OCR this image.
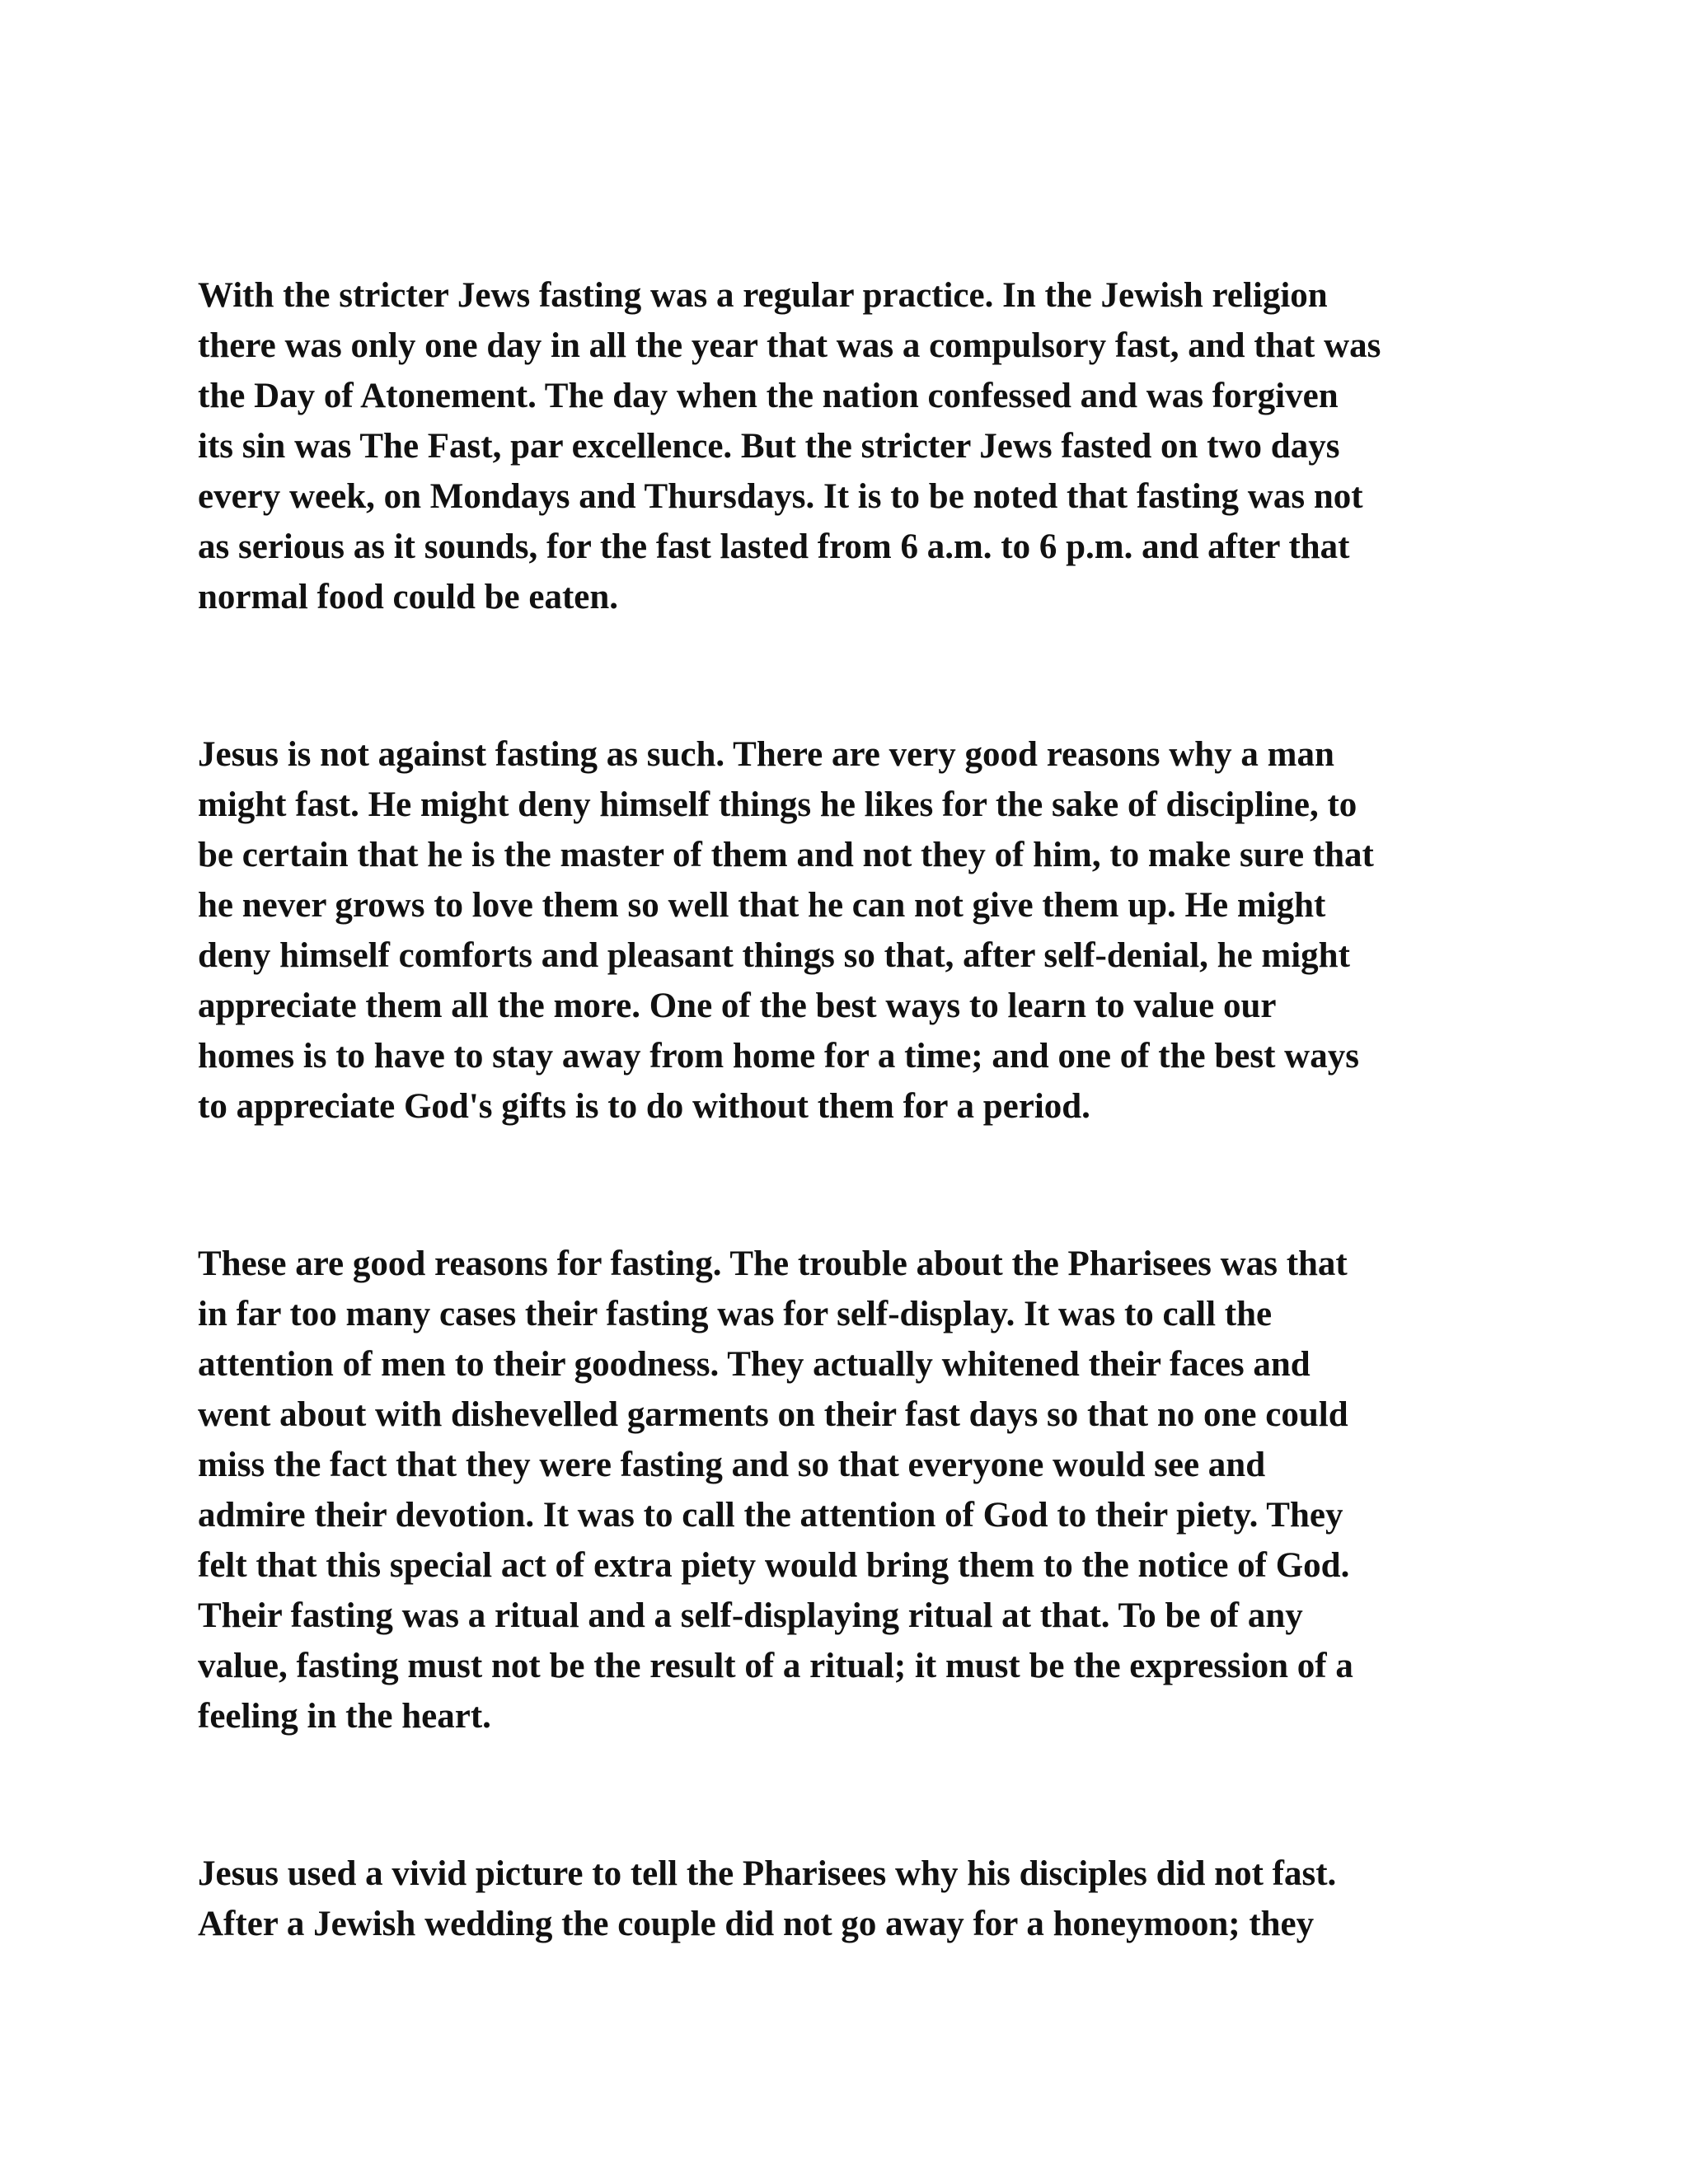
With the stricter Jews fasting was a regular practice. In the Jewish religion
there was only one day in all the year that was a compulsory fast, and that was
the Day of Atonement. The day when the nation confessed and was forgiven
its sin was The Fast, par excellence. But the stricter Jews fasted on two days
every week, on Mondays and Thursdays. It is to be noted that fasting was not
as serious as it sounds, for the fast lasted from 6 a.m. to 6 p.m. and after that
normal food could be eaten.

Jesus is not against fasting as such. There are very good reasons why a man
might fast. He might deny himself things he likes for the sake of discipline, to
be certain that he is the master of them and not they of him, to make sure that
he never grows to love them so well that he can not give them up. He might
deny himself comforts and pleasant things so that, after self-denial, he might
appreciate them all the more. One of the best ways to learn to value our
homes is to have to stay away from home for a time; and one of the best ways
to appreciate God's gifts is to do without them for a period.

These are good reasons for fasting. The trouble about the Pharisees was that
in far too many cases their fasting was for self-display. It was to call the
attention of men to their goodness. They actually whitened their faces and
went about with dishevelled garments on their fast days so that no one could
miss the fact that they were fasting and so that everyone would see and
admire their devotion. It was to call the attention of God to their piety. They
felt that this special act of extra piety would bring them to the notice of God.
Their fasting was a ritual and a self-displaying ritual at that. To be of any
value, fasting must not be the result of a ritual; it must be the expression of a
feeling in the heart.

Jesus used a vivid picture to tell the Pharisees why his disciples did not fast.
After a Jewish wedding the couple did not go away for a honeymoon; they
